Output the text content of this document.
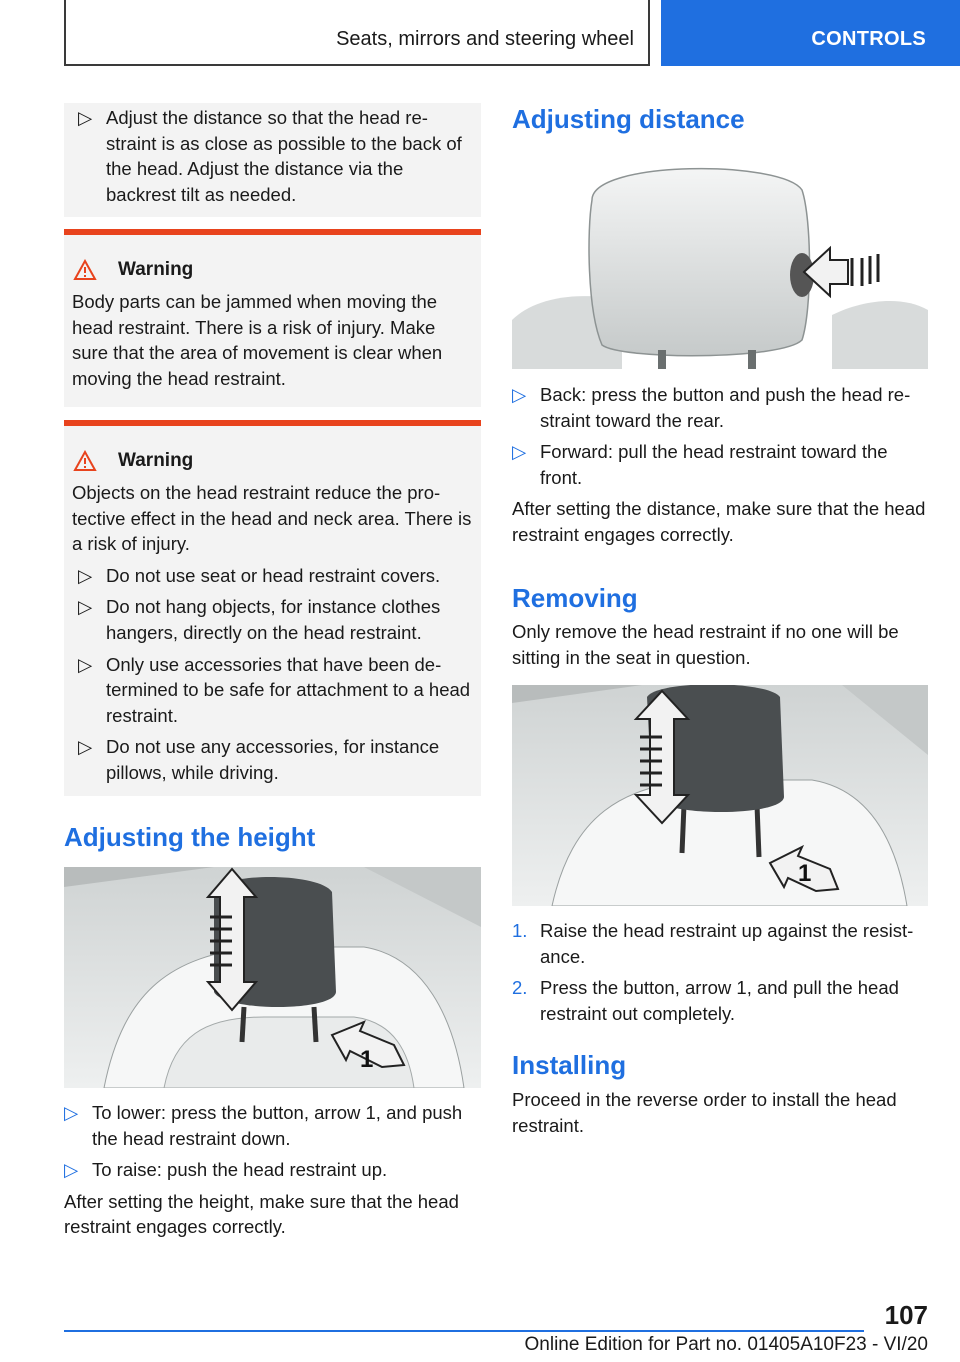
Seats, mirrors and steering wheel	CONTROLS
▷ Adjust the distance so that the head re- straint is as close as possible to the back of the head. Adjust the distance via the backrest tilt as needed.
Warning
Body parts can be jammed when moving the head restraint. There is a risk of injury. Make sure that the area of movement is clear when moving the head restraint.
Warning
Objects on the head restraint reduce the pro- tective effect in the head and neck area. There is a risk of injury.
▷ Do not use seat or head restraint covers.
▷ Do not hang objects, for instance clothes hangers, directly on the head restraint.
▷ Only use accessories that have been de- termined to be safe for attachment to a head restraint.
▷ Do not use any accessories, for instance pillows, while driving.
Adjusting the height
1
▷ To lower: press the button, arrow 1, and push the head restraint down.
▷ To raise: push the head restraint up.
After setting the height, make sure that the head restraint engages correctly.
Adjusting distance
▷ Back: press the button and push the head re- straint toward the rear.
▷ Forward: pull the head restraint toward the front.
After setting the distance, make sure that the head restraint engages correctly.
Removing
Only remove the head restraint if no one will be sitting in the seat in question.
1
1. Raise the head restraint up against the resist- ance.
2. Press the button, arrow 1, and pull the head restraint out completely.
Installing
Proceed in the reverse order to install the head restraint.
107
Online Edition for Part no. 01405A10F23 - VI/20
